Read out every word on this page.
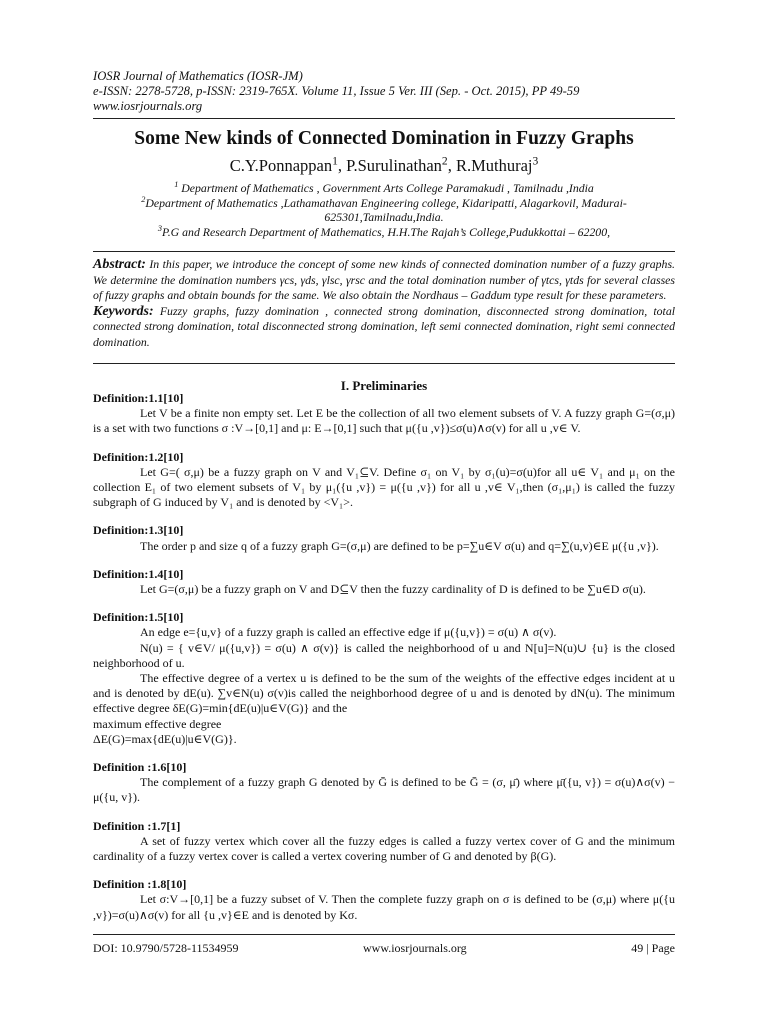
IOSR Journal of Mathematics (IOSR-JM)
e-ISSN: 2278-5728, p-ISSN: 2319-765X. Volume 11, Issue 5 Ver. III (Sep. - Oct. 2015), PP 49-59
www.iosrjournals.org
Some New kinds of Connected Domination in Fuzzy Graphs
C.Y.Ponnappan$^1$, P.Surulinathan$^2$, R.Muthuraj$^3$
$^1$ Department of Mathematics , Government Arts College Paramakudi , Tamilnadu ,India
$^2$Department of Mathematics ,Lathamathavan Engineering college, Kidaripatti, Alagarkovil, Madurai-625301,Tamilnadu,India.
$^3$P.G and Research Department of Mathematics, H.H.The Rajah’s College,Pudukkottai – 62200,

Abstract: In this paper, we introduce the concept of some new kinds of connected domination number of a fuzzy graphs. We determine the domination numbers γcs, γds, γlsc, γrsc and the total domination number of γtcs, γtds for several classes of fuzzy graphs and obtain bounds for the same. We also obtain the Nordhaus – Gaddum type result for these parameters.

Keywords: Fuzzy graphs, fuzzy domination , connected strong domination, disconnected strong domination, total connected strong domination, total disconnected strong domination, left semi connected domination, right semi connected domination.

I. Preliminaries
Definition:1.1[10]

Let V be a finite non empty set. Let E be the collection of all two element subsets of V. A fuzzy graph G=(σ,μ) is a set with two functions σ :V→[0,1] and μ: E→[0,1] such that μ({u ,v})≤σ(u)∧σ(v) for all u ,v∈ V.

Definition:1.2[10]

Let G=( σ,μ) be a fuzzy graph on V and V₁⊆V. Define σ₁ on V₁ by σ₁(u)=σ(u)for all u∈ V₁ and μ₁ on the collection E₁ of two element subsets of V₁ by μ₁({u ,v}) = μ({u ,v}) for all u ,v∈ V₁,then (σ₁,μ₁) is called the fuzzy subgraph of G induced by V₁ and is denoted by <V₁>.

Definition:1.3[10]

The order p and size q of a fuzzy graph G=(σ,μ) are defined to be p=∑u∈V σ(u) and q=∑(u,v)∈E μ({u ,v}).

Definition:1.4[10]

Let G=(σ,μ) be a fuzzy graph on V and D⊆V then the fuzzy cardinality of D is defined to be ∑u∈D σ(u).

Definition:1.5[10]

An edge e={u,v} of a fuzzy graph is called an effective edge if μ({u,v}) = σ(u) ∧ σ(v).

N(u) = { v∈V/ μ({u,v}) = σ(u) ∧ σ(v)} is called the neighborhood of u and N[u]=N(u)∪ {u} is the closed neighborhood of u.

The effective degree of a vertex u is defined to be the sum of the weights of the effective edges incident at u and is denoted by dE(u). ∑v∈N(u) σ(v)is called the neighborhood degree of u and is denoted by dN(u). The minimum effective degree δE(G)=min{dE(u)|u∈V(G)} and the

maximum effective degree

ΔE(G)=max{dE(u)|u∈V(G)}.

Definition :1.6[10]

The complement of a fuzzy graph G denoted by Ḡ is defined to be Ḡ = (σ, μ̄) where μ̄({u, v}) = σ(u)∧σ(v) − μ({u, v}).

Definition :1.7[1]

A set of fuzzy vertex which cover all the fuzzy edges is called a fuzzy vertex cover of G and the minimum cardinality of a fuzzy vertex cover is called a vertex covering number of G and denoted by β(G).

Definition :1.8[10]

Let σ:V→[0,1] be a fuzzy subset of V. Then the complete fuzzy graph on σ is defined to be (σ,μ) where μ({u ,v})=σ(u)∧σ(v) for all {u ,v}∈E and is denoted by Kσ.

DOI: 10.9790/5728-11534959	www.iosrjournals.org	49 | Page
